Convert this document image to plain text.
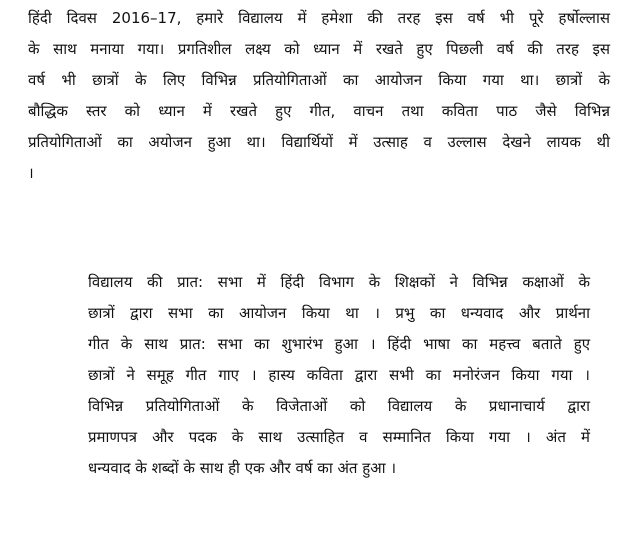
हिंदी दिवस 2016–17, हमारे विद्यालय में हमेशा की तरह इस वर्ष भी पूरे हर्षोल्लास
के साथ मनाया गया। प्रगतिशील लक्ष्य को ध्यान में रखते हुए पिछली वर्ष की तरह इस
वर्ष भी छात्रों के लिए विभिन्न प्रतियोगिताओं का आयोजन किया गया था। छात्रों के
बौद्धिक स्तर को ध्यान में रखते हुए गीत, वाचन तथा कविता पाठ जैसे विभिन्न
प्रतियोगिताओं का अयोजन हुआ था। विद्यार्थियों में उत्साह व उल्लास देखने लायक थी
।

विद्यालय की प्रात: सभा में हिंदी विभाग के शिक्षकों ने विभिन्न कक्षाओं के
छात्रों द्वारा सभा का आयोजन किया था । प्रभु का धन्यवाद और प्रार्थना
गीत के साथ प्रात: सभा का शुभारंभ हुआ । हिंदी भाषा का महत्त्व बताते हुए
छात्रों ने समूह गीत गाए । हास्य कविता द्वारा सभी का मनोरंजन किया गया ।
विभिन्न प्रतियोगिताओं के विजेताओं को विद्यालय के प्रधानाचार्य द्वारा
प्रमाणपत्र और पदक के साथ उत्साहित व सम्मानित किया गया । अंत में
धन्यवाद के शब्दों के साथ ही एक और वर्ष का अंत हुआ ।
